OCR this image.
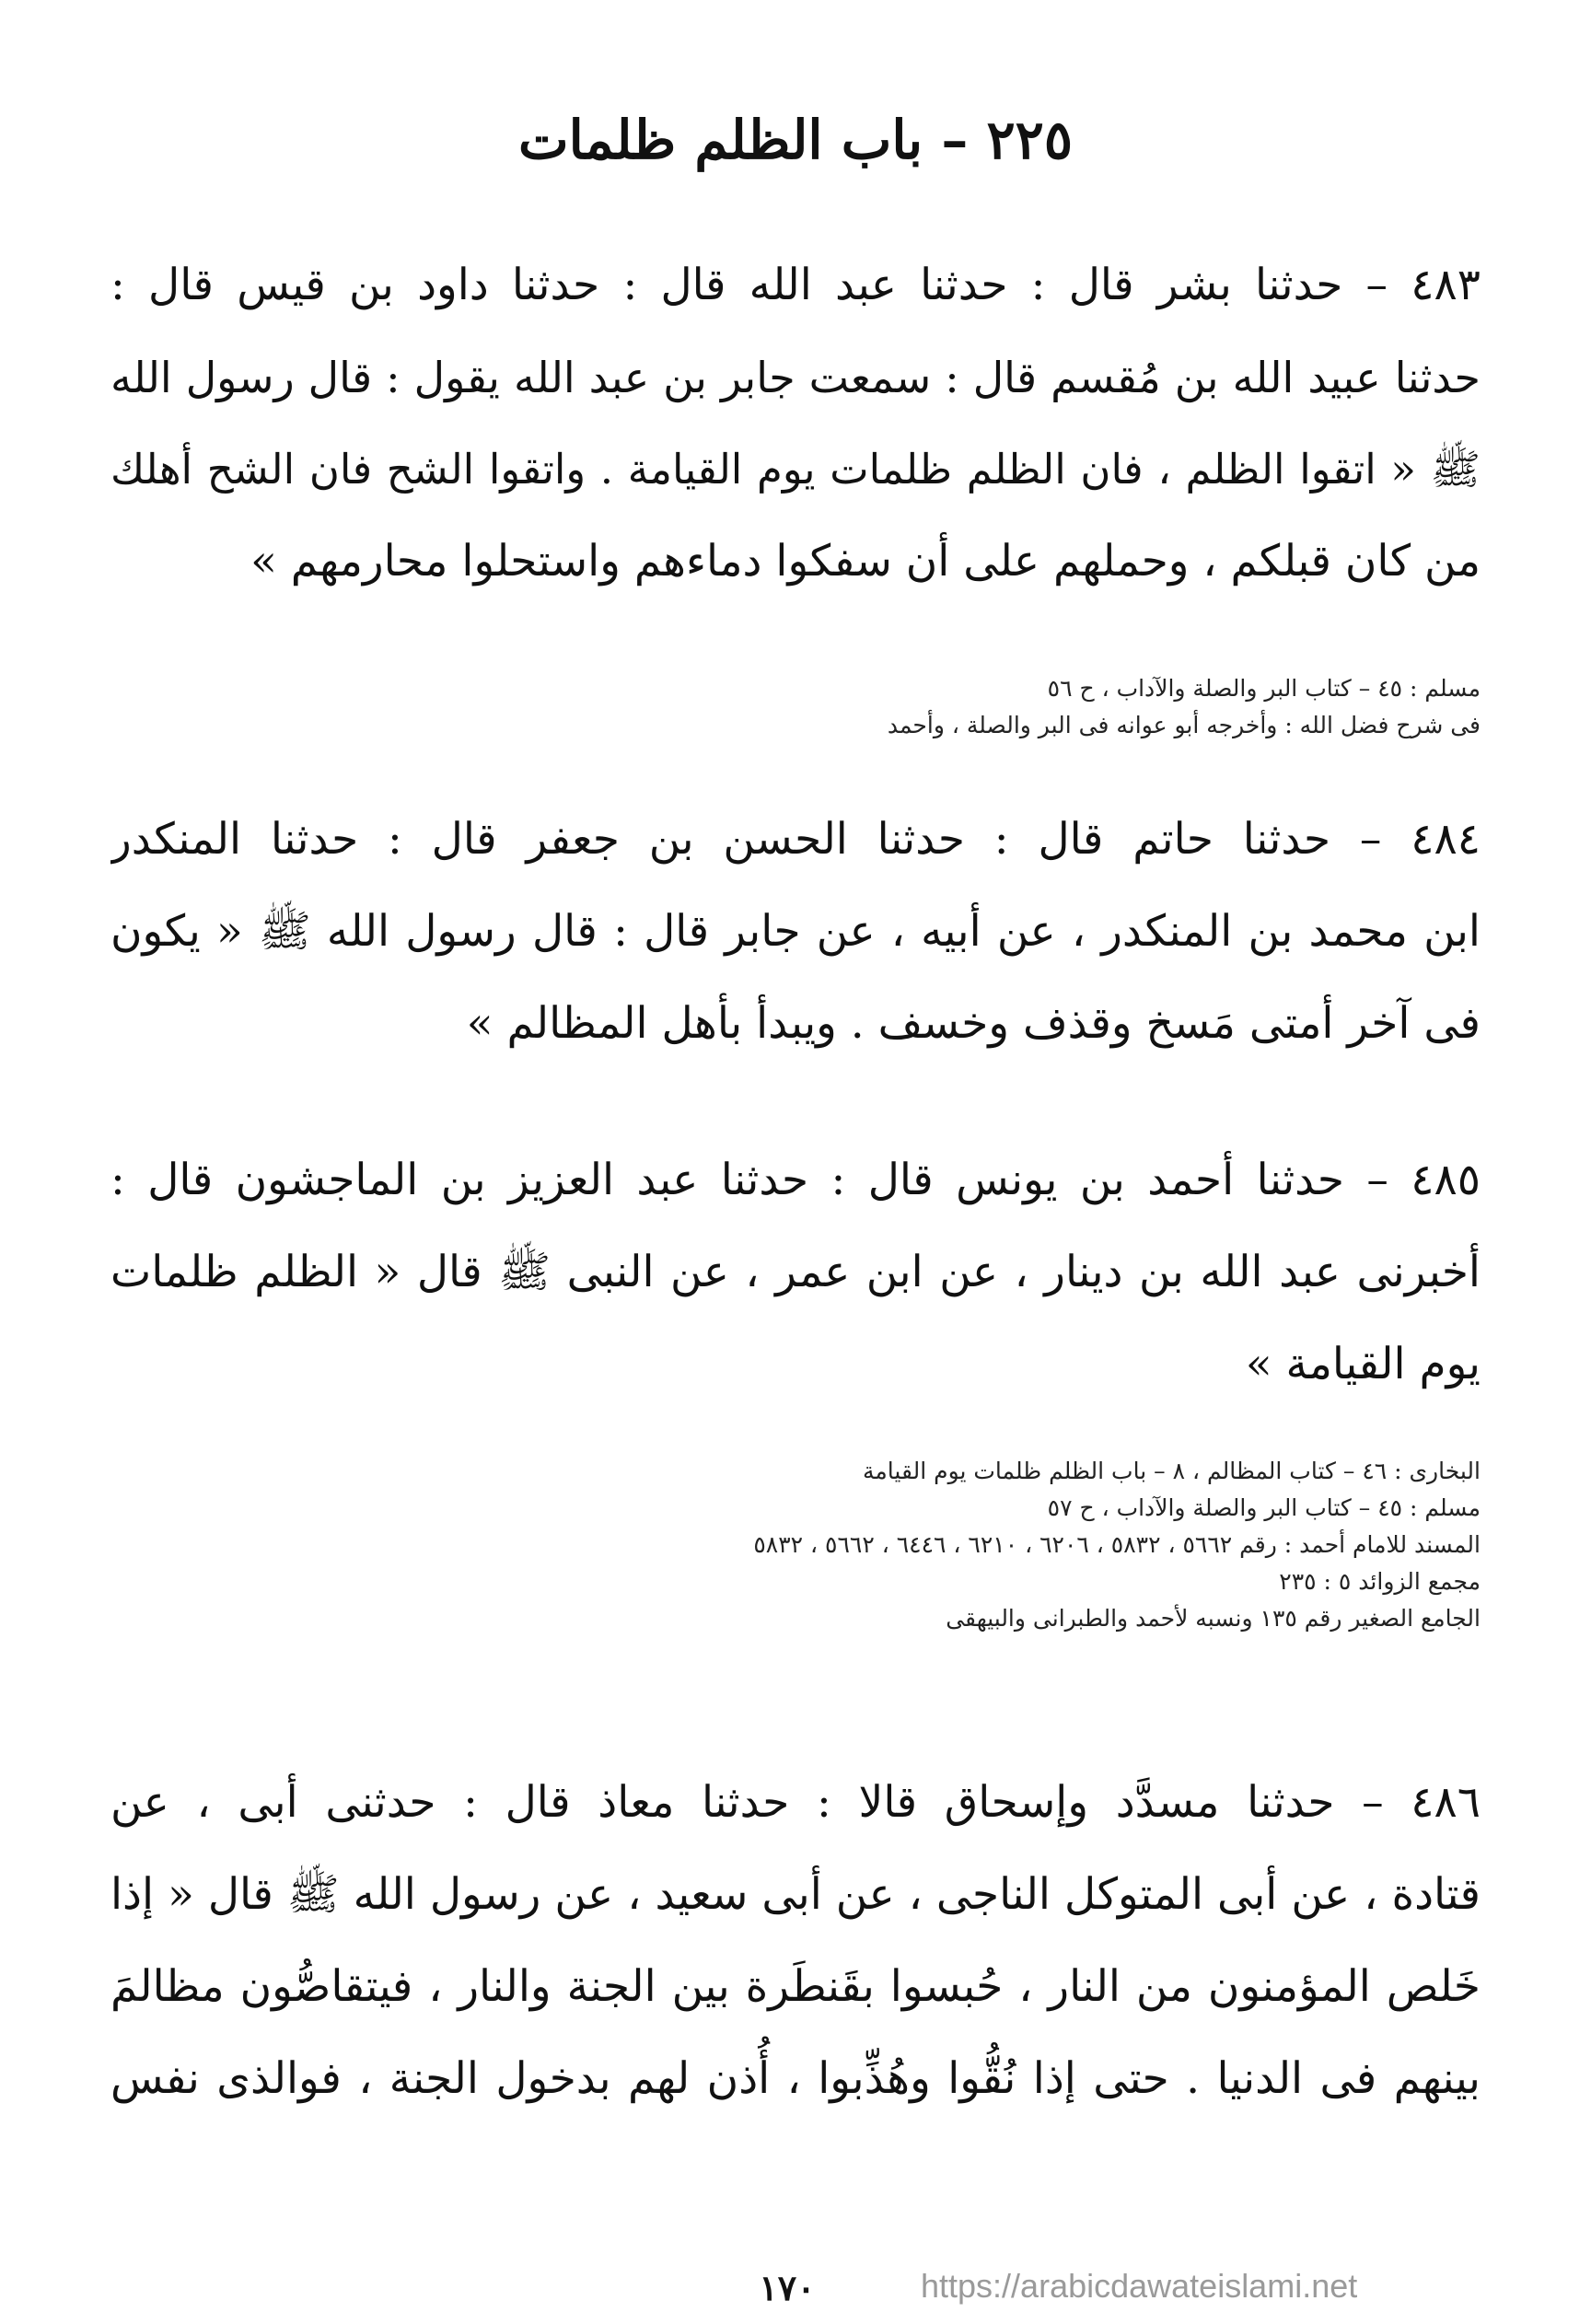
٢٢٥ – باب الظلم ظلمات
٤٨٣ – حدثنا بشر قال : حدثنا عبد الله قال : حدثنا داود بن قيس قال :
حدثنا عبيد الله بن مُقسم قال : سمعت جابر بن عبد الله يقول : قال رسول الله
ﷺ « اتقوا الظلم ، فان الظلم ظلمات يوم القيامة . واتقوا الشح فان الشح أهلك
من كان قبلكم ، وحملهم على أن سفكوا دماءهم واستحلوا محارمهم »
مسلم : ٤٥ – كتاب البر والصلة والآداب ، ح ٥٦
فى شرح فضل الله : وأخرجه أبو عوانه فى البر والصلة ، وأحمد
٤٨٤ – حدثنا حاتم قال : حدثنا الحسن بن جعفر قال : حدثنا المنكدر
ابن محمد بن المنكدر ، عن أبيه ، عن جابر قال : قال رسول الله ﷺ « يكون
فى آخر أمتى مَسخ وقذف وخسف . ويبدأ بأهل المظالم »
٤٨٥ – حدثنا أحمد بن يونس قال : حدثنا عبد العزيز بن الماجشون قال :
أخبرنى عبد الله بن دينار ، عن ابن عمر ، عن النبى ﷺ قال « الظلم ظلمات
يوم القيامة »
البخارى : ٤٦ – كتاب المظالم ، ٨ – باب الظلم ظلمات يوم القيامة
مسلم : ٤٥ – كتاب البر والصلة والآداب ، ح ٥٧
المسند للامام أحمد : رقم ٥٦٦٢ ، ٥٨٣٢ ، ٦٢٠٦ ، ٦٢١٠ ، ٦٤٤٦ ، ٥٦٦٢ ، ٥٨٣٢
مجمع الزوائد ٥ : ٢٣٥
الجامع الصغير رقم ١٣٥ ونسبه لأحمد والطبرانى والبيهقى
٤٨٦ – حدثنا مسدَّد وإسحاق قالا : حدثنا معاذ قال : حدثنى أبى ، عن
قتادة ، عن أبى المتوكل الناجى ، عن أبى سعيد ، عن رسول الله ﷺ قال « إذا
خَلص المؤمنون من النار ، حُبسوا بقَنطَرة بين الجنة والنار ، فيتقاصُّون مظالمَ
بينهم فى الدنيا . حتى إذا نُقُّوا وهُذِّبوا ، أُذن لهم بدخول الجنة ، فوالذى نفس
١٧٠	https://arabicdawateislami.net
